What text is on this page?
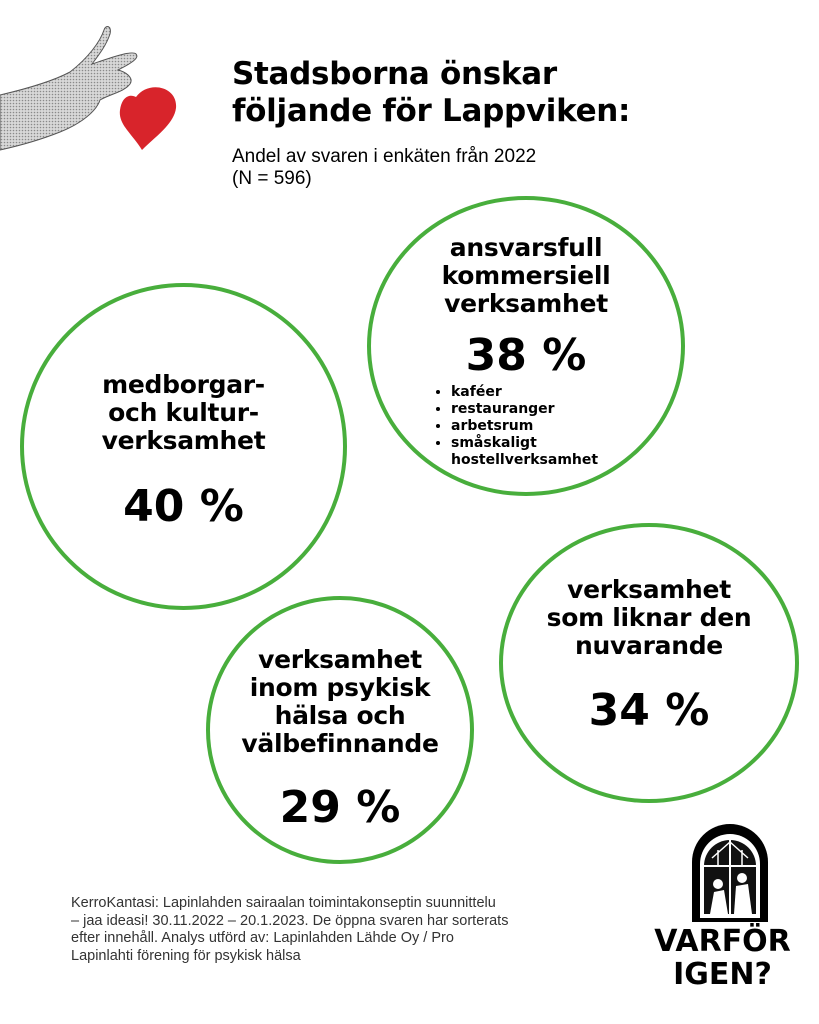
Stadsborna önskar
följande för Lappviken:
Andel av svaren i enkäten från 2022
(N = 596)
medborgar-
och kultur-
verksamhet
40 %
ansvarsfull
kommersiell
verksamhet
38 %
• kaféer
• restauranger
• arbetsrum
• småskaligt hostellverksamhet
verksamhet
som liknar den
nuvarande
34 %
verksamhet
inom psykisk
hälsa och
välbefinnande
29 %
KerroKantasi: Lapinlahden sairaalan toimintakonseptin suunnittelu
– jaa ideasi! 30.11.2022 – 20.1.2023. De öppna svaren har sorterats
efter innehåll. Analys utförd av: Lapinlahden Lähde Oy / Pro
Lapinlahti förening för psykisk hälsa	VARFÖR
IGEN?
